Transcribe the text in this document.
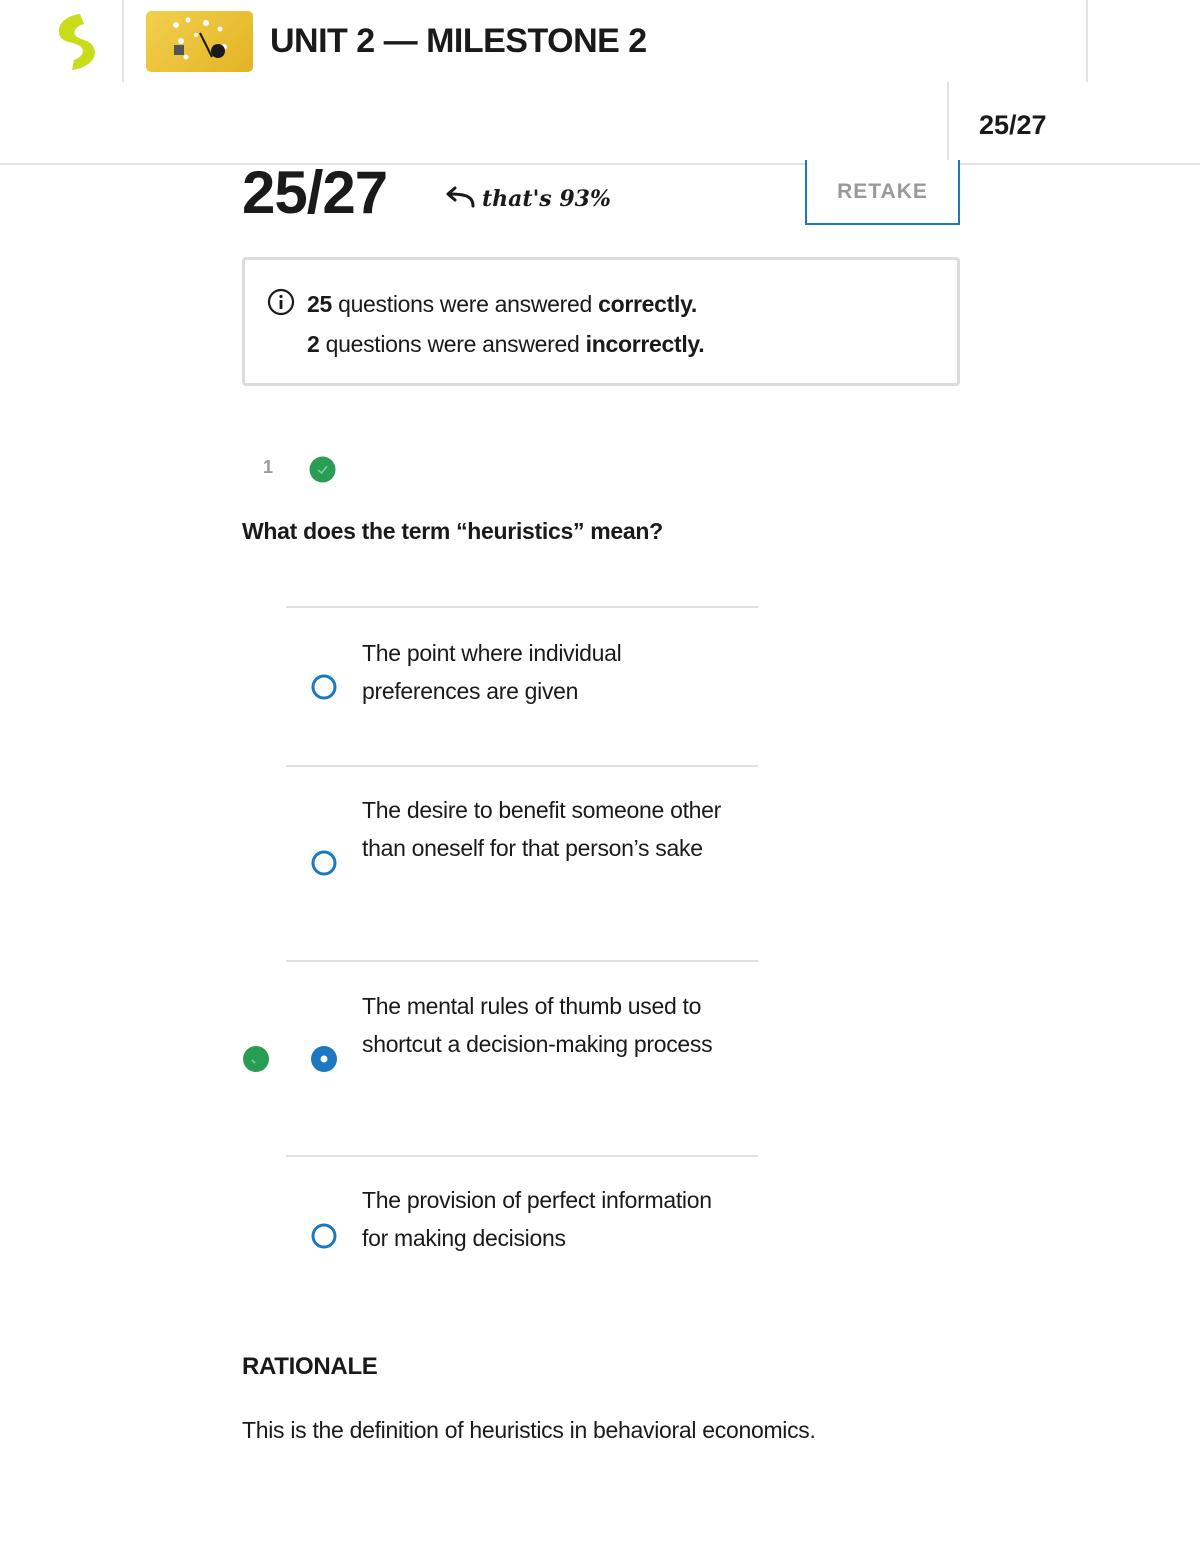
UNIT 2 — MILESTONE 2
25/27
25/27	that's 93%	RETAKE
25 questions were answered correctly.
2 questions were answered incorrectly.
1
What does the term “heuristics” mean?
The point where individual preferences are given
The desire to benefit someone other than oneself for that person’s sake
The mental rules of thumb used to shortcut a decision-making process
The provision of perfect information for making decisions
RATIONALE
This is the definition of heuristics in behavioral economics.
